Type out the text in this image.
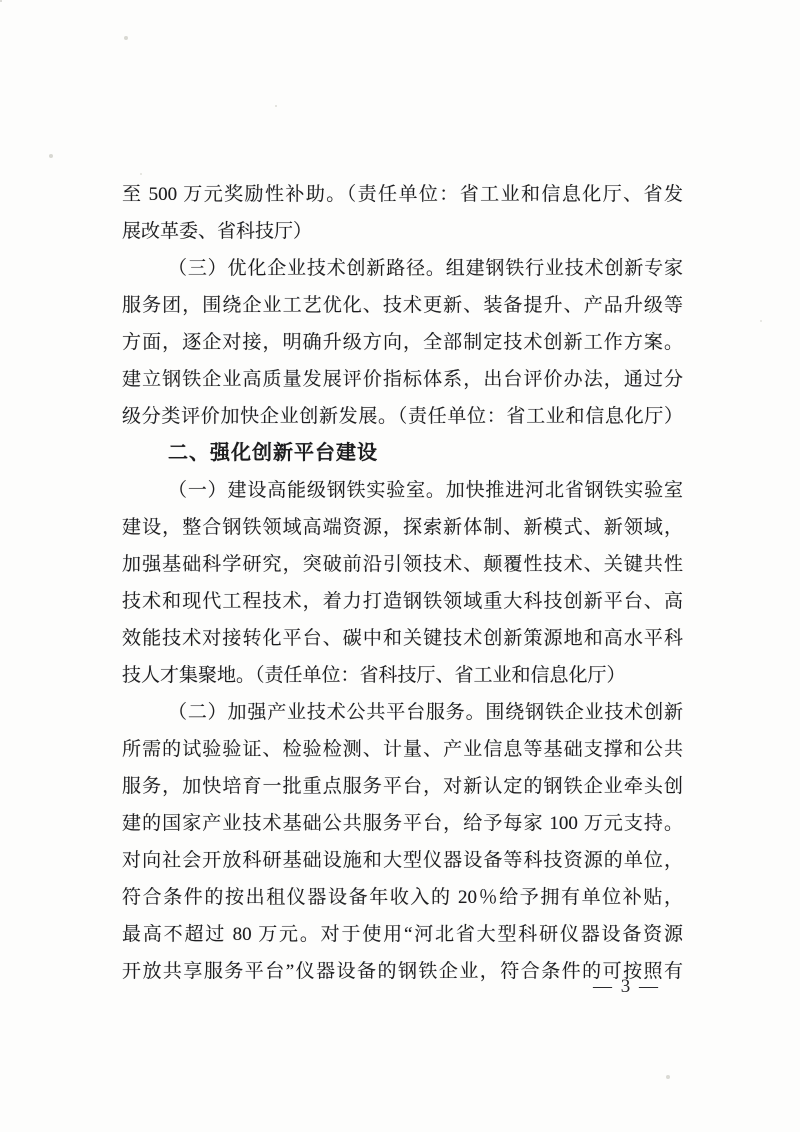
至 500 万元奖励性补助。（责任单位：省工业和信息化厅、省发
展改革委、省科技厅）
（三）优化企业技术创新路径。组建钢铁行业技术创新专家
服务团，围绕企业工艺优化、技术更新、装备提升、产品升级等
方面，逐企对接，明确升级方向，全部制定技术创新工作方案。
建立钢铁企业高质量发展评价指标体系，出台评价办法，通过分
级分类评价加快企业创新发展。（责任单位：省工业和信息化厅）
二、强化创新平台建设
（一）建设高能级钢铁实验室。加快推进河北省钢铁实验室
建设，整合钢铁领域高端资源，探索新体制、新模式、新领域，
加强基础科学研究，突破前沿引领技术、颠覆性技术、关键共性
技术和现代工程技术，着力打造钢铁领域重大科技创新平台、高
效能技术对接转化平台、碳中和关键技术创新策源地和高水平科
技人才集聚地。（责任单位：省科技厅、省工业和信息化厅）
（二）加强产业技术公共平台服务。围绕钢铁企业技术创新
所需的试验验证、检验检测、计量、产业信息等基础支撑和公共
服务，加快培育一批重点服务平台，对新认定的钢铁企业牵头创
建的国家产业技术基础公共服务平台，给予每家 100 万元支持。
对向社会开放科研基础设施和大型仪器设备等科技资源的单位，
符合条件的按出租仪器设备年收入的 20％给予拥有单位补贴，
最高不超过 80 万元。对于使用“河北省大型科研仪器设备资源
开放共享服务平台”仪器设备的钢铁企业，符合条件的可按照有
— 3 —
